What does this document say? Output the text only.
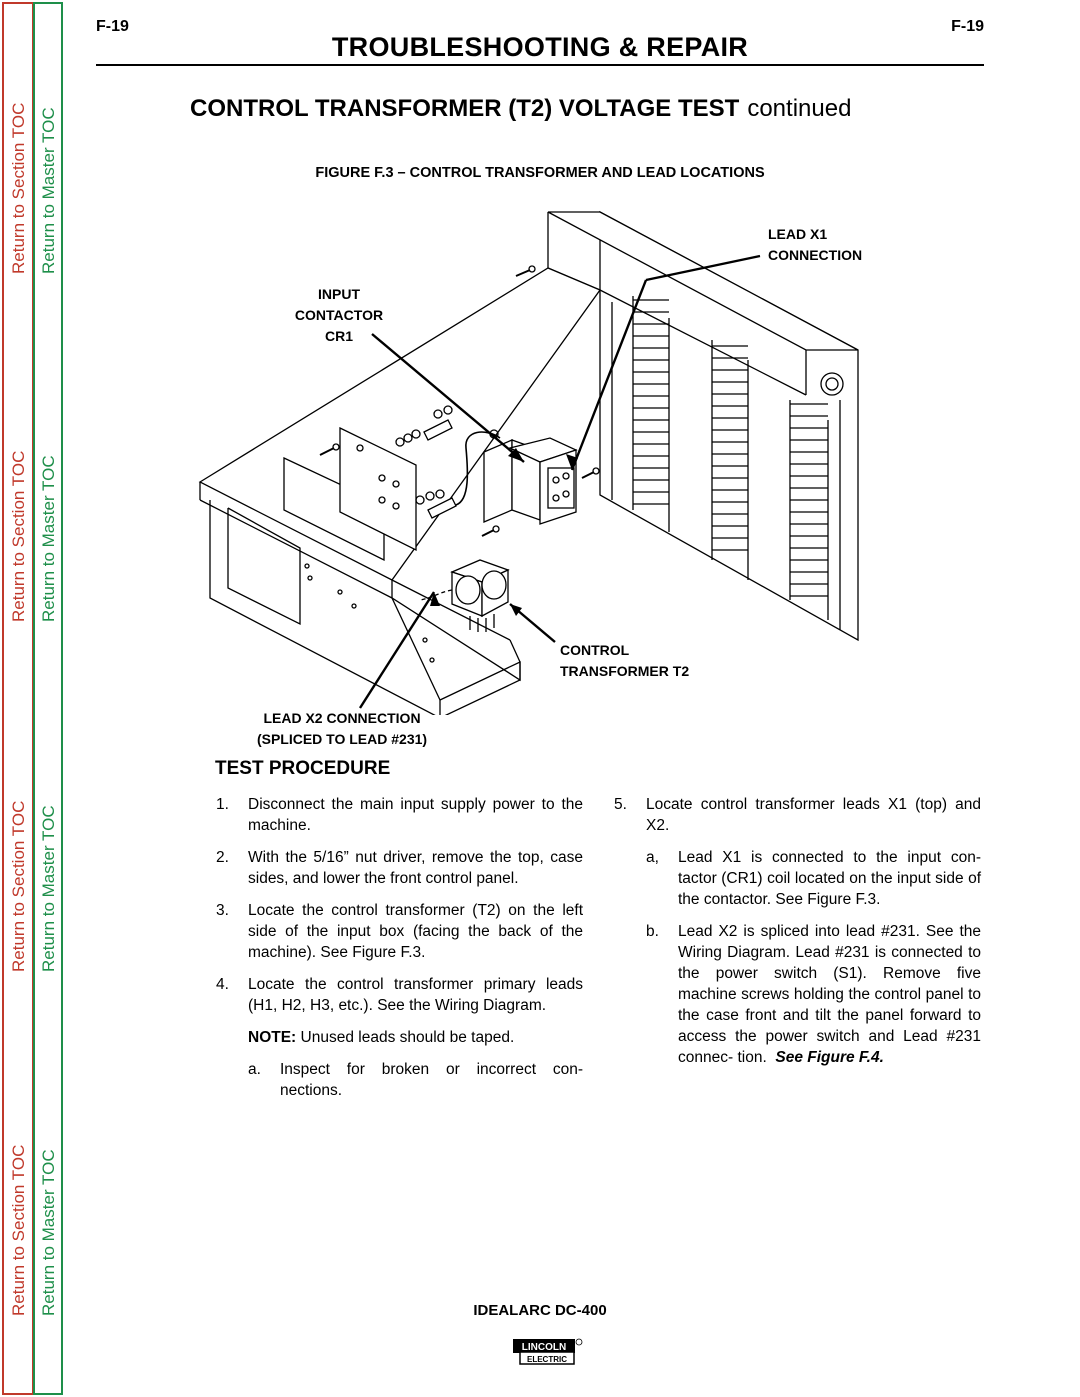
Return to Section TOC
Return to Section TOC
Return to Section TOC
Return to Section TOC
Return to Master TOC
Return to Master TOC
Return to Master TOC
Return to Master TOC
F-19	F-19
TROUBLESHOOTING & REPAIR
CONTROL TRANSFORMER (T2) VOLTAGE TEST continued
FIGURE F.3 – CONTROL TRANSFORMER AND LEAD LOCATIONS
LEAD X1
CONNECTION
INPUT
CONTACTOR
CR1
CONTROL
TRANSFORMER T2
LEAD X2 CONNECTION
(SPLICED TO LEAD #231)
TEST PROCEDURE
1.	Disconnect the main input supply power to the machine.
2.	With the 5/16” nut driver, remove the top, case sides, and lower the front control panel.
3.	Locate the control transformer (T2) on the left side of the input box (facing the back of the machine). See Figure F.3.
4.	Locate the control transformer primary leads (H1, H2, H3, etc.). See the Wiring Diagram.
NOTE: Unused leads should be taped.
a.	Inspect for broken or incorrect con- nections.
5.	Locate control transformer leads X1 (top) and X2.
a,	Lead X1 is connected to the input con- tactor (CR1) coil located on the input side of the contactor. See Figure F.3.
b.	Lead X2 is spliced into lead #231. See the Wiring Diagram. Lead #231 is connected to the power switch (S1). Remove five machine screws holding the control panel to the case front and tilt the panel forward to access the power switch and Lead #231 connec- tion. See Figure F.4.
IDEALARC DC-400
LINCOLN
ELECTRIC
